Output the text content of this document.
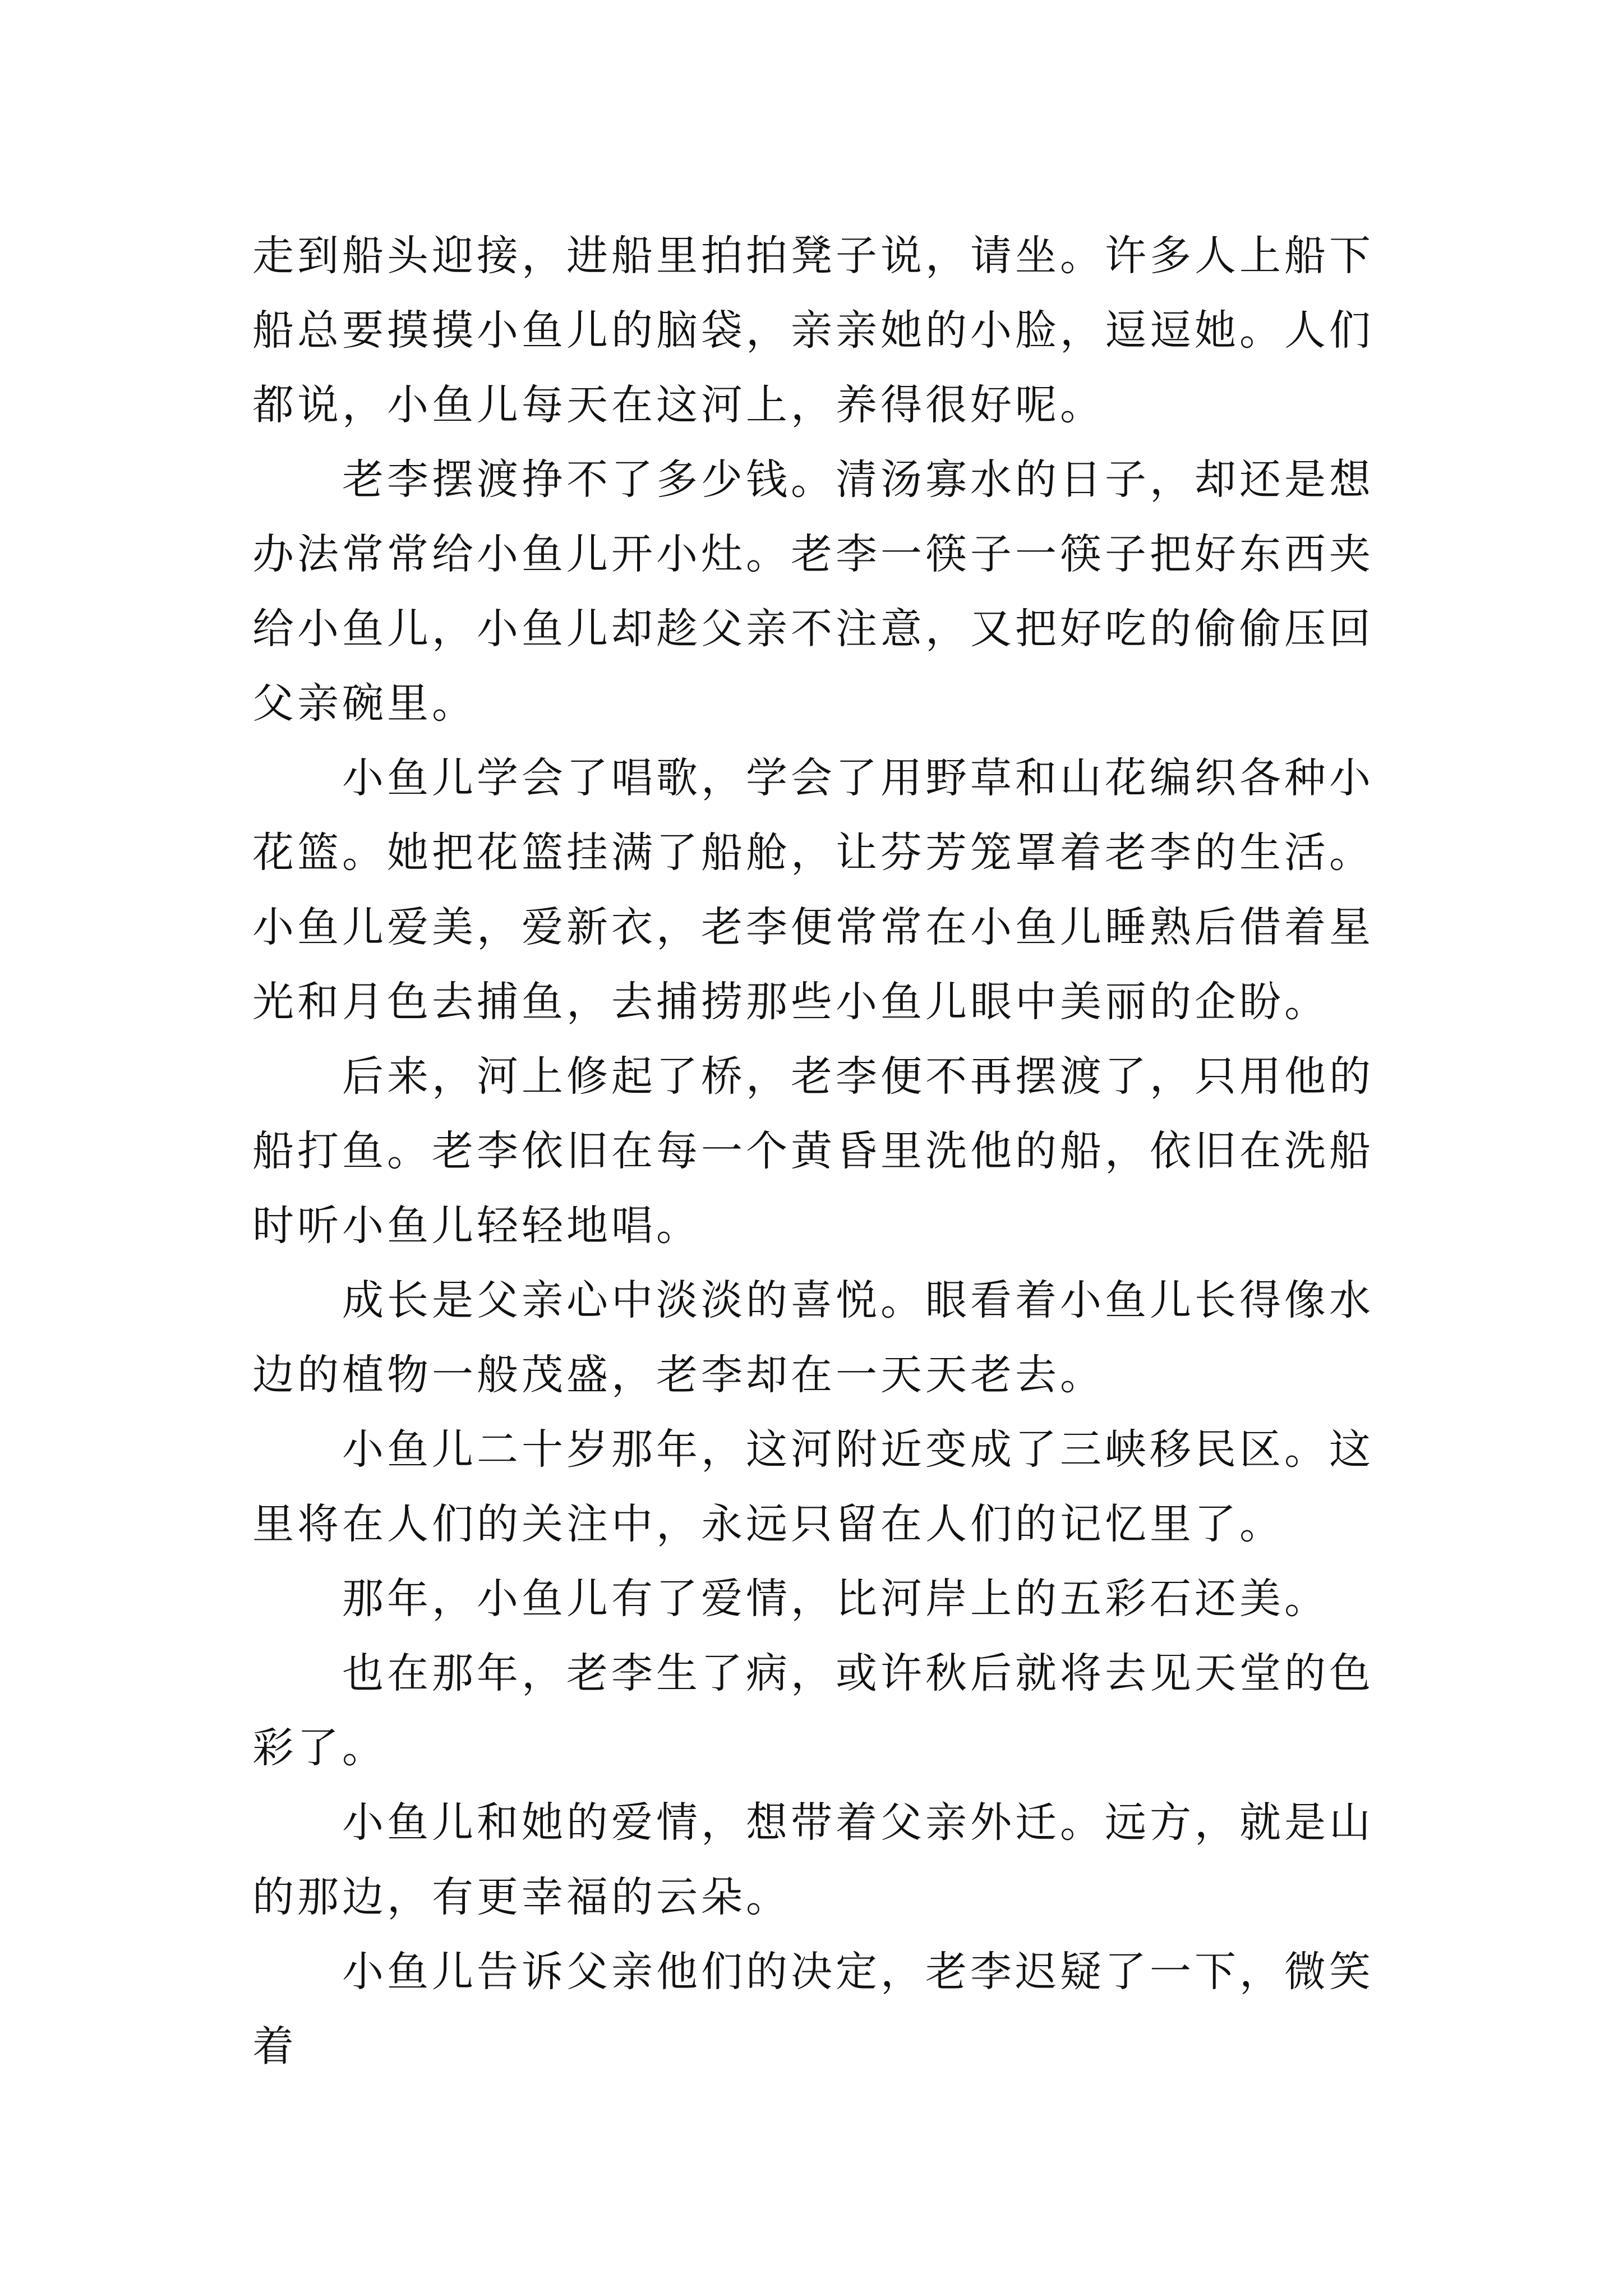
走到船头迎接，进船里拍拍凳子说，请坐。许多人上船下船总要摸摸小鱼儿的脑袋，亲亲她的小脸，逗逗她。人们都说，小鱼儿每天在这河上，养得很好呢。

老李摆渡挣不了多少钱。清汤寡水的日子，却还是想办法常常给小鱼儿开小灶。老李一筷子一筷子把好东西夹给小鱼儿，小鱼儿却趁父亲不注意，又把好吃的偷偷压回父亲碗里。

小鱼儿学会了唱歌，学会了用野草和山花编织各种小花篮。她把花篮挂满了船舱，让芬芳笼罩着老李的生活。小鱼儿爱美，爱新衣，老李便常常在小鱼儿睡熟后借着星光和月色去捕鱼，去捕捞那些小鱼儿眼中美丽的企盼。

后来，河上修起了桥，老李便不再摆渡了，只用他的船打鱼。老李依旧在每一个黄昏里洗他的船，依旧在洗船时听小鱼儿轻轻地唱。

成长是父亲心中淡淡的喜悦。眼看着小鱼儿长得像水边的植物一般茂盛，老李却在一天天老去。

小鱼儿二十岁那年，这河附近变成了三峡移民区。这里将在人们的关注中，永远只留在人们的记忆里了。

那年，小鱼儿有了爱情，比河岸上的五彩石还美。

也在那年，老李生了病，或许秋后就将去见天堂的色彩了。

小鱼儿和她的爱情，想带着父亲外迁。远方，就是山的那边，有更幸福的云朵。

小鱼儿告诉父亲他们的决定，老李迟疑了一下，微笑着
